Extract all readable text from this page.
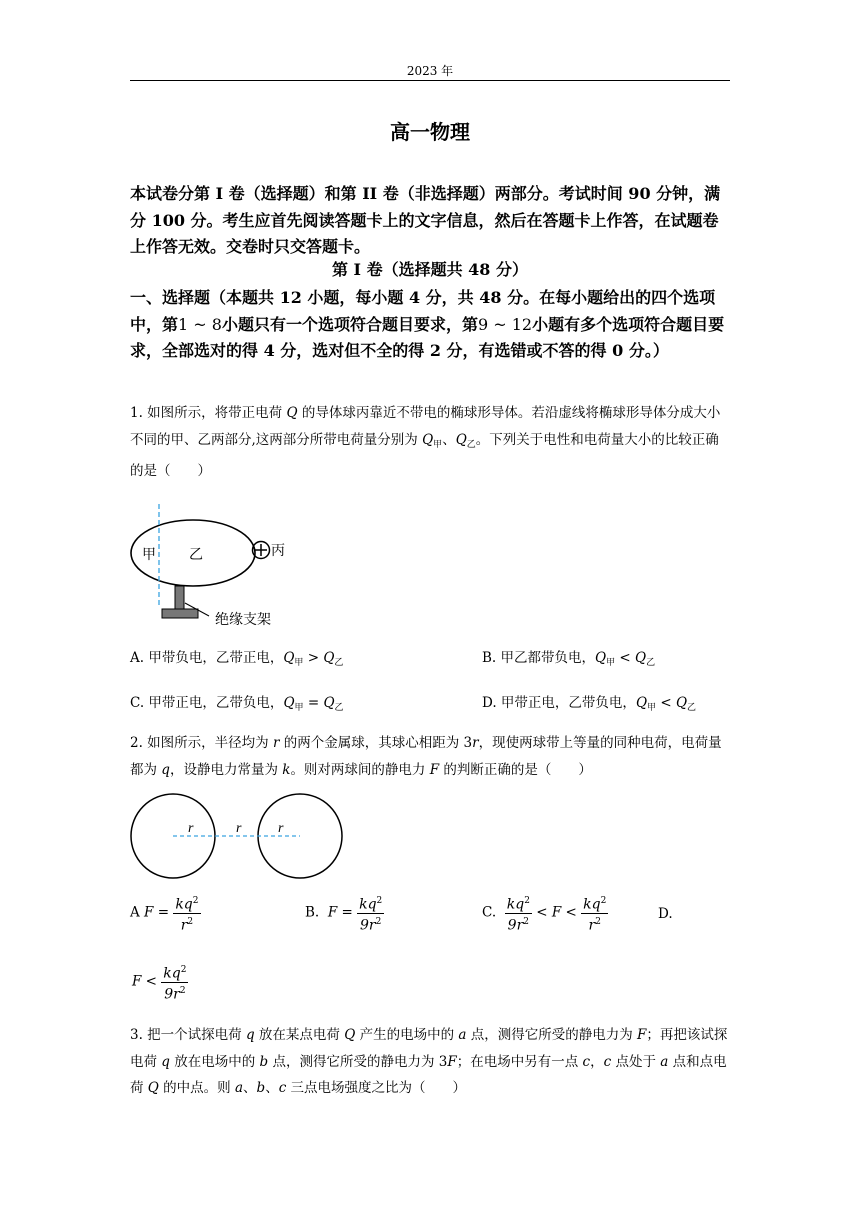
2023 年
高一物理
本试卷分第 I 卷（选择题）和第 II 卷（非选择题）两部分。考试时间 90 分钟，满分 100 分。考生应首先阅读答题卡上的文字信息，然后在答题卡上作答，在试题卷上作答无效。交卷时只交答题卡。
第 I 卷（选择题共 48 分）
一、选择题（本题共 12 小题，每小题 4 分，共 48 分。在每小题给出的四个选项中，第1 ~ 8小题只有一个选项符合题目要求，第9 ~ 12小题有多个选项符合题目要求，全部选对的得 4 分，选对但不全的得 2 分，有选错或不答的得 0 分。）
1. 如图所示，将带正电荷 Q 的导体球丙靠近不带电的椭球形导体。若沿虚线将椭球形导体分成大小不同的甲、乙两部分,这两部分所带电荷量分别为 $Q_甲$、$Q_乙$。下列关于电性和电荷量大小的比较正确的是（　　）
甲 乙	丙
绝缘支架
A. 甲带负电，乙带正电，$Q_甲 > Q_乙$	B. 甲乙都带负电，$Q_甲 < Q_乙$
C. 甲带正电，乙带负电，$Q_甲 = Q_乙$	D. 甲带正电，乙带负电，$Q_甲 < Q_乙$
2. 如图所示，半径均为 r 的两个金属球，其球心相距为 3r，现使两球带上等量的同种电荷，电荷量都为 q，设静电力常量为 k。则对两球间的静电力 F 的判断正确的是（　　）
r	r	r
A $F = \frac{kq^2}{r^2}$	B. $F = \frac{kq^2}{9r^2}$	C. $\frac{kq^2}{9r^2} < F < \frac{kq^2}{r^2}$	D.
$F < \frac{kq^2}{9r^2}$
3. 把一个试探电荷 q 放在某点电荷 Q 产生的电场中的 a 点，测得它所受的静电力为 F；再把该试探电荷 q 放在电场中的 b 点，测得它所受的静电力为 3F；在电场中另有一点 c，c 点处于 a 点和点电荷 Q 的中点。则 a、b、c 三点电场强度之比为（　　）
